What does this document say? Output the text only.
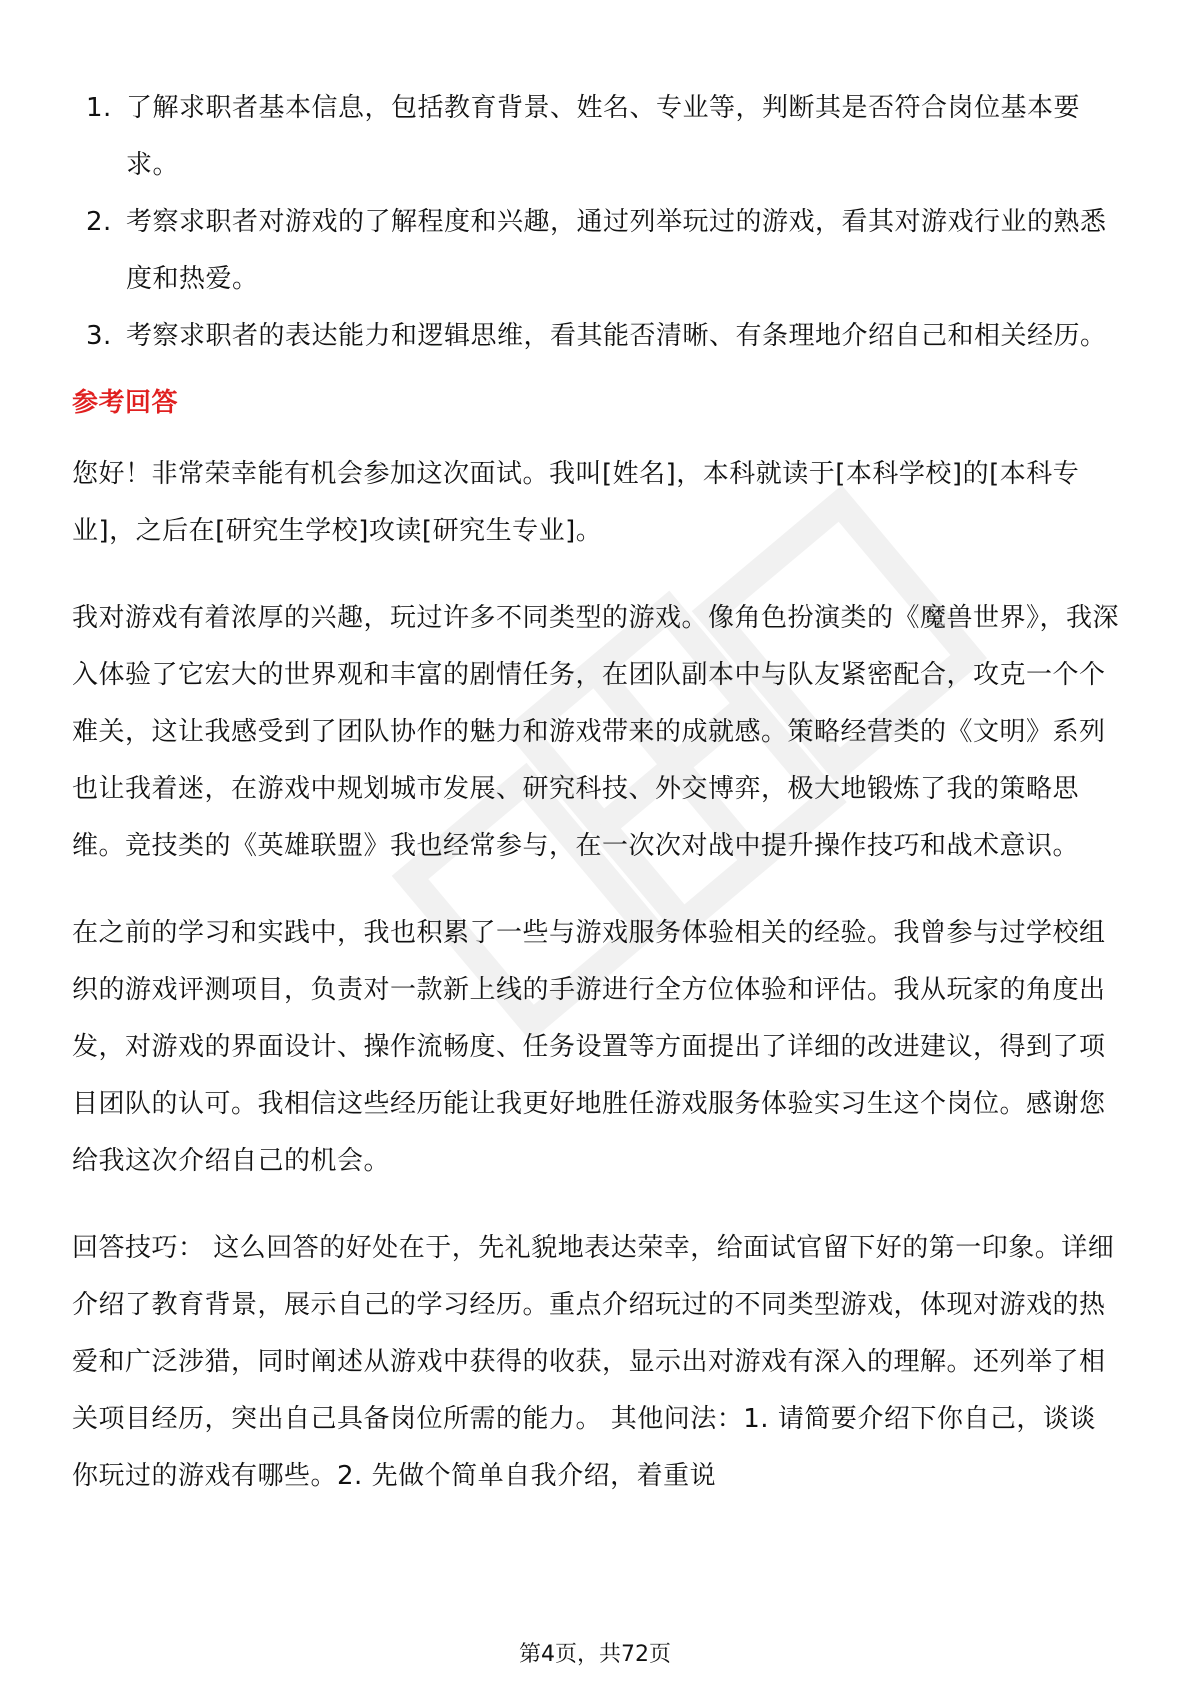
1. 了解求职者基本信息，包括教育背景、姓名、专业等，判断其是否符合岗位基本要求。
2. 考察求职者对游戏的了解程度和兴趣，通过列举玩过的游戏，看其对游戏行业的熟悉度和热爱。
3. 考察求职者的表达能力和逻辑思维，看其能否清晰、有条理地介绍自己和相关经历。
参考回答

您好！非常荣幸能有机会参加这次面试。我叫[姓名]，本科就读于[本科学校]的[本科专业]，之后在[研究生学校]攻读[研究生专业]。

我对游戏有着浓厚的兴趣，玩过许多不同类型的游戏。像角色扮演类的《魔兽世界》，我深入体验了它宏大的世界观和丰富的剧情任务，在团队副本中与队友紧密配合，攻克一个个难关，这让我感受到了团队协作的魅力和游戏带来的成就感。策略经营类的《文明》系列也让我着迷，在游戏中规划城市发展、研究科技、外交博弈，极大地锻炼了我的策略思维。竞技类的《英雄联盟》我也经常参与，在一次次对战中提升操作技巧和战术意识。

在之前的学习和实践中，我也积累了一些与游戏服务体验相关的经验。我曾参与过学校组织的游戏评测项目，负责对一款新上线的手游进行全方位体验和评估。我从玩家的角度出发，对游戏的界面设计、操作流畅度、任务设置等方面提出了详细的改进建议，得到了项目团队的认可。我相信这些经历能让我更好地胜任游戏服务体验实习生这个岗位。感谢您给我这次介绍自己的机会。

回答技巧： 这么回答的好处在于，先礼貌地表达荣幸，给面试官留下好的第一印象。详细介绍了教育背景，展示自己的学习经历。重点介绍玩过的不同类型游戏，体现对游戏的热爱和广泛涉猎，同时阐述从游戏中获得的收获，显示出对游戏有深入的理解。还列举了相关项目经历，突出自己具备岗位所需的能力。 其他问法：1. 请简要介绍下你自己，谈谈你玩过的游戏有哪些。2. 先做个简单自我介绍，着重说

第4页，共72页
